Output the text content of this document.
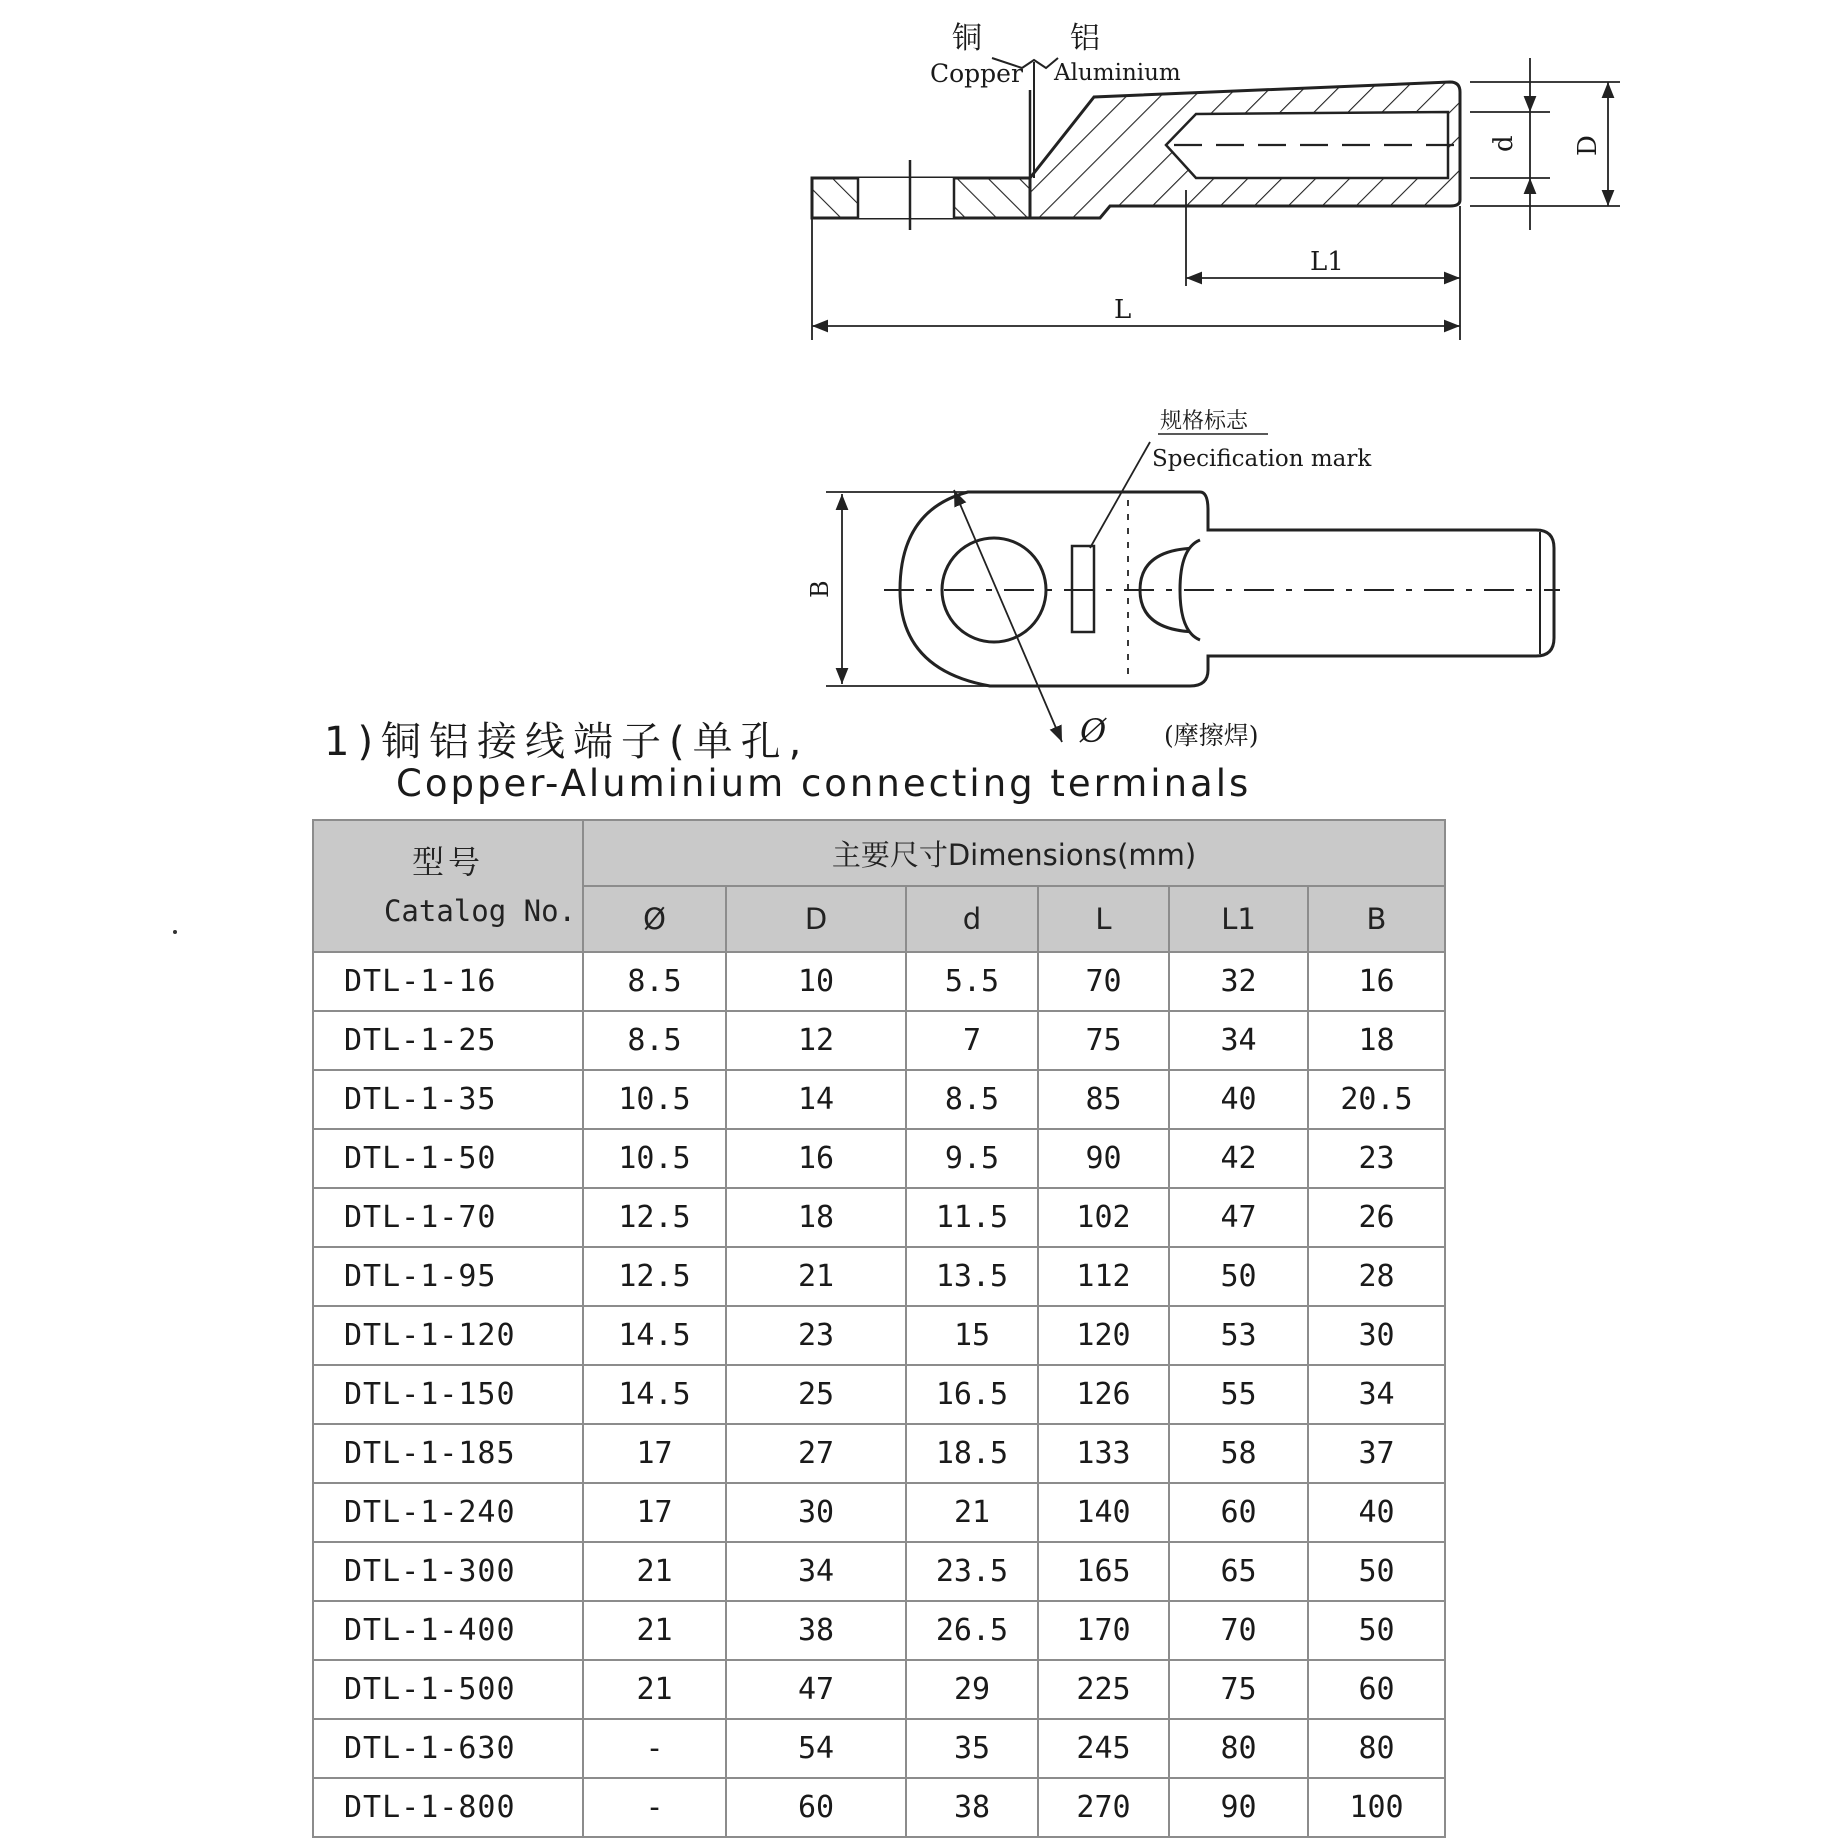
铜
Copper
铝
Aluminium
d D
L1
L
B
Ø (摩擦焊)
规格标志
Specification mark
1)铜铝接线端子(单孔,
Copper-Aluminium connecting terminals
型号
Catalog No.	主要尺寸Dimensions(mm)					
	Ø	D	d	L	L1	B
DTL-1-16	8.5	10	5.5	70	32	16
DTL-1-25	8.5	12	7	75	34	18
DTL-1-35	10.5	14	8.5	85	40	20.5
DTL-1-50	10.5	16	9.5	90	42	23
DTL-1-70	12.5	18	11.5	102	47	26
DTL-1-95	12.5	21	13.5	112	50	28
DTL-1-120	14.5	23	15	120	53	30
DTL-1-150	14.5	25	16.5	126	55	34
DTL-1-185	17	27	18.5	133	58	37
DTL-1-240	17	30	21	140	60	40
DTL-1-300	21	34	23.5	165	65	50
DTL-1-400	21	38	26.5	170	70	50
DTL-1-500	21	47	29	225	75	60
DTL-1-630	-	54	35	245	80	80
DTL-1-800	-	60	38	270	90	100
